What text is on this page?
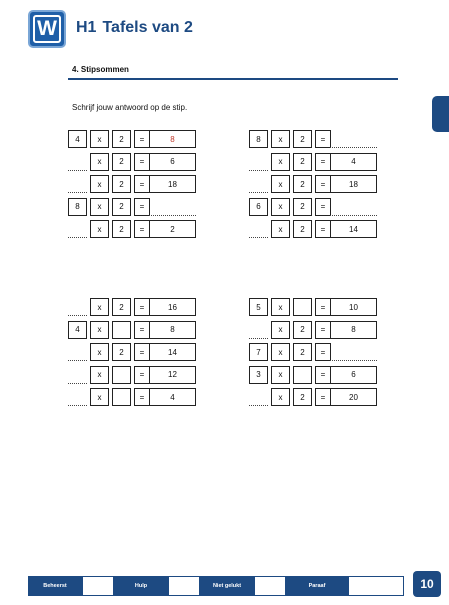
W H1 Tafels van 2
4. Stipsommen
Schrijf jouw antwoord op de stip.
4	x	2	=	8
x	2	=	6
x	2	=	18
8	x	2	=
x	2	=	2
8	x	2	=
x	2	=	4
x	2	=	18
6	x	2	=
x	2	=	14
x	2	=	16
4	x	=	8
x	2	=	14
x	=	12
x	=	4
5	x	=	10
x	2	=	8
7	x	2	=
3	x	=	6
x	2	=	20
Beheerst	Hulp	Niet gelukt	Paraaf	10
